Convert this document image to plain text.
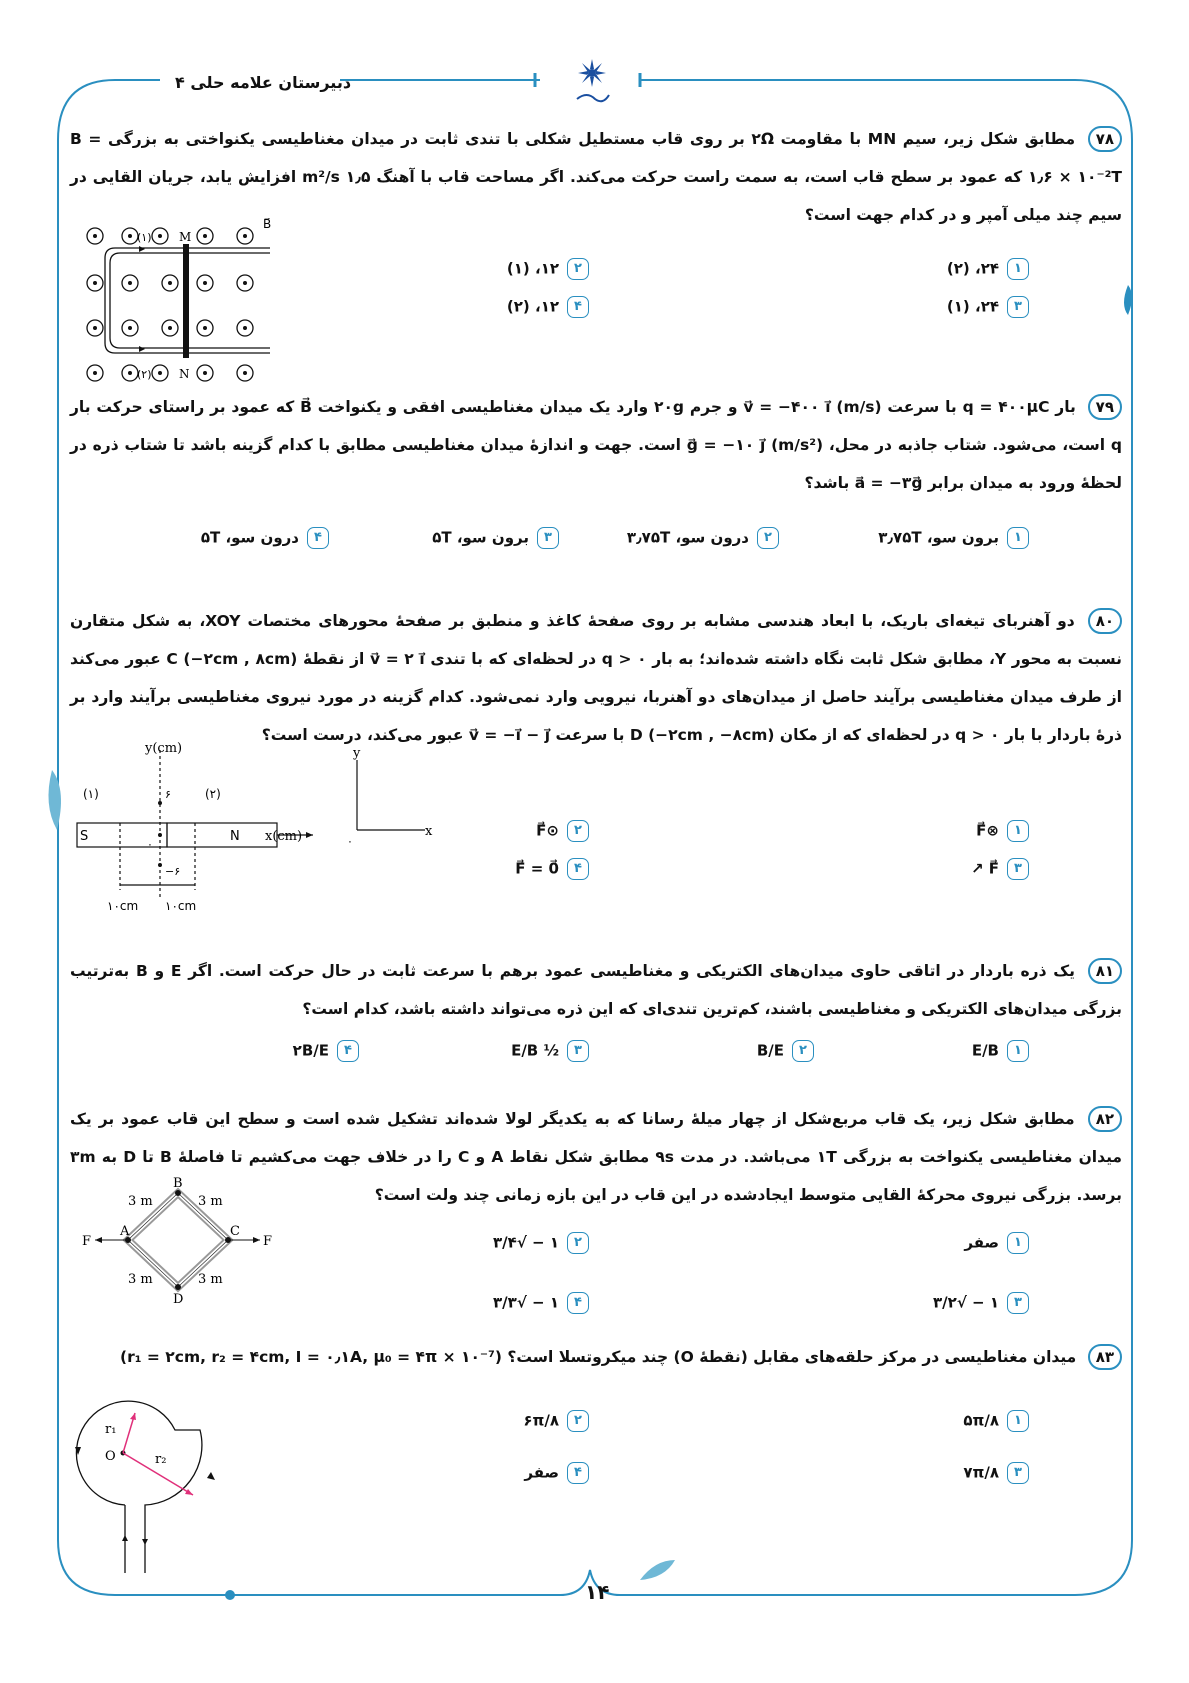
دبیرستان علامه حلی ۴
۷۸ مطابق شکل زیر، سیم MN با مقاومت ۲Ω بر روی قاب مستطیل شکلی با تندی ثابت در میدان مغناطیسی یکنواختی به بزرگی B = ۱٫۶ × ۱۰⁻²T که عمود بر سطح قاب است، به سمت راست حرکت می‌کند. اگر مساحت قاب با آهنگ ۱٫۵ m²/s افزایش یابد، جریان القایی در سیم چند میلی آمپر و در کدام جهت است؟
۱۲۴، (۲)
۲۱۲، (۱)
۳۲۴، (۱)
۴۱۲، (۲)
B⃗
M
N
(۱)
(۲)
۷۹ بار q = ۴۰۰μC با سرعت v⃗ = −۴۰۰ i⃗ (m/s) و جرم ۲۰g وارد یک میدان مغناطیسی افقی و یکنواخت B⃗ که عمود بر راستای حرکت بار q است، می‌شود. شتاب جاذبه در محل، g⃗ = −۱۰ j⃗ (m/s²) است. جهت و اندازهٔ میدان مغناطیسی مطابق با کدام گزینه باشد تا شتاب ذره در لحظهٔ ورود به میدان برابر a⃗ = −۳g⃗ باشد؟
۱برون سو، ۳٫۷۵T
۲درون سو، ۳٫۷۵T
۳برون سو، ۵T
۴درون سو، ۵T
۸۰ دو آهنربای تیغه‌ای باریک، با ابعاد هندسی مشابه بر روی صفحهٔ کاغذ و منطبق بر صفحهٔ محورهای مختصات XOY، به شکل متقارن نسبت به محور Y، مطابق شکل ثابت نگاه داشته شده‌اند؛ به بار q > ۰ در لحظه‌ای که با تندی v⃗ = ۲ i⃗ از نقطهٔ C (−۲cm , ۸cm) عبور می‌کند از طرف میدان مغناطیسی برآیند حاصل از میدان‌های دو آهنربا، نیرویی وارد نمی‌شود. کدام گزینه در مورد نیروی مغناطیسی برآیند وارد بر ذرهٔ باردار با بار q > ۰ در لحظه‌ای که از مکان D (−۲cm , −۸cm) با سرعت v⃗ = −i⃗ − j⃗ عبور می‌کند، درست است؟
۱⊗F⃗
۲⊙F⃗
۳F⃗ ↗
۴F⃗ = 0⃗
y(cm)
x(cm)
S	N
۶
−۶
۰
(۱)	(۲)
۱۰cm ۱۰cm
y
x
۰
۸۱ یک ذره باردار در اتاقی حاوی میدان‌های الکتریکی و مغناطیسی عمود برهم با سرعت ثابت در حال حرکت است. اگر E و B به‌ترتیب بزرگی میدان‌های الکتریکی و مغناطیسی باشند، کم‌ترین تندی‌ای که این ذره می‌تواند داشته باشد، کدام است؟
۱E/B
۲B/E
۳½ E/B
۴۲B/E
۸۲ مطابق شکل زیر، یک قاب مربع‌شکل از چهار میلهٔ رسانا که به یکدیگر لولا شده‌اند تشکیل شده است و سطح این قاب عمود بر یک میدان مغناطیسی یکنواخت به بزرگی ۱T می‌باشد. در مدت ۹s مطابق شکل نقاط A و C را در خلاف جهت می‌کشیم تا فاصلهٔ B تا D به ۳m برسد. بزرگی نیروی محرکهٔ القایی متوسط ایجادشده در این قاب در این بازه زمانی چند ولت است؟
۱صفر
۲۱ − √۳/۴
۳۱ − √۳/۲
۴۱ − √۳/۳
A
B
C
D
F	F
3 m	3 m
3 m	3 m
۸۳ میدان مغناطیسی در مرکز حلقه‌های مقابل (نقطهٔ O) چند میکروتسلا است؟ (r₁ = ۲cm, r₂ = ۴cm, I = ۰٫۱A, μ₀ = ۴π × ۱۰⁻⁷)
۱۵π/۸
۲۶π/۸
۳۷π/۸
۴صفر
O
r₁
r₂
۱۴
